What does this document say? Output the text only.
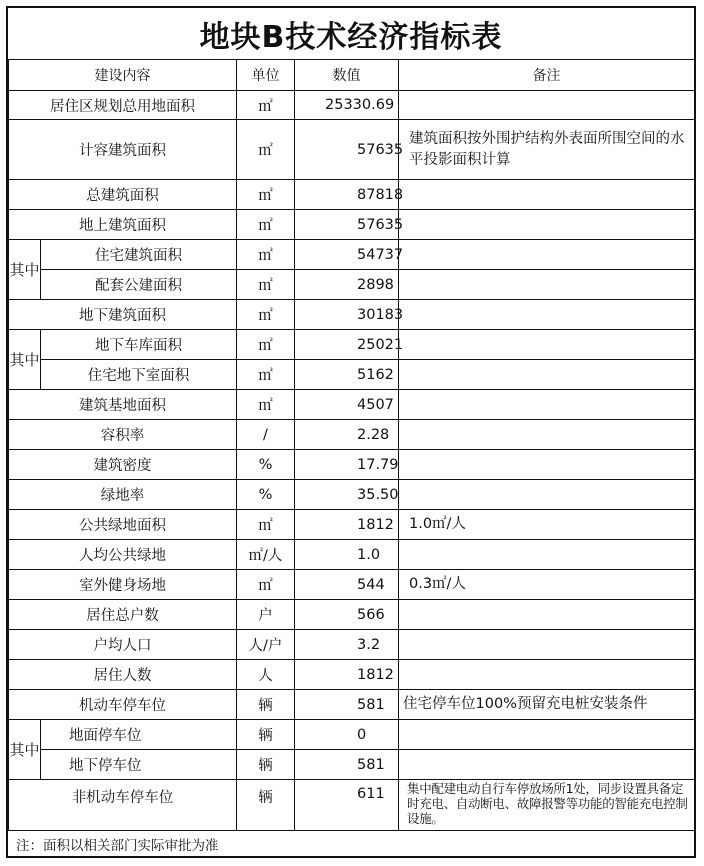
地块B技术经济指标表
建设内容		单位	数值	备注
居住区规划总用地面积		㎡	25330.69	
计容建筑面积		㎡	57635	建筑面积按外围护结构外表面所围空间的水平投影面积计算
总建筑面积		㎡	87818	
地上建筑面积		㎡	57635	
其中	住宅建筑面积	㎡	54737	
	配套公建面积	㎡	2898	
地下建筑面积		㎡	30183	
其中	地下车库面积	㎡	25021	
	住宅地下室面积	㎡	5162	
建筑基地面积		㎡	4507	
容积率		/	2.28	
建筑密度		%	17.79	
绿地率		%	35.50	
公共绿地面积		㎡	1812	1.0㎡/人
人均公共绿地		㎡/人	1.0	
室外健身场地		㎡	544	0.3㎡/人
居住总户数		户	566	
户均人口		人/户	3.2	
居住人数		人	1812	
机动车停车位		辆	581	住宅停车位100%预留充电桩安装条件
其中	地面停车位	辆	0	
	地下停车位	辆	581	
非机动车停车位		辆	611	集中配建电动自行车停放场所1处，同步设置具备定时充电、自动断电、故障报警等功能的智能充电控制设施。
注：面积以相关部门实际审批为准
